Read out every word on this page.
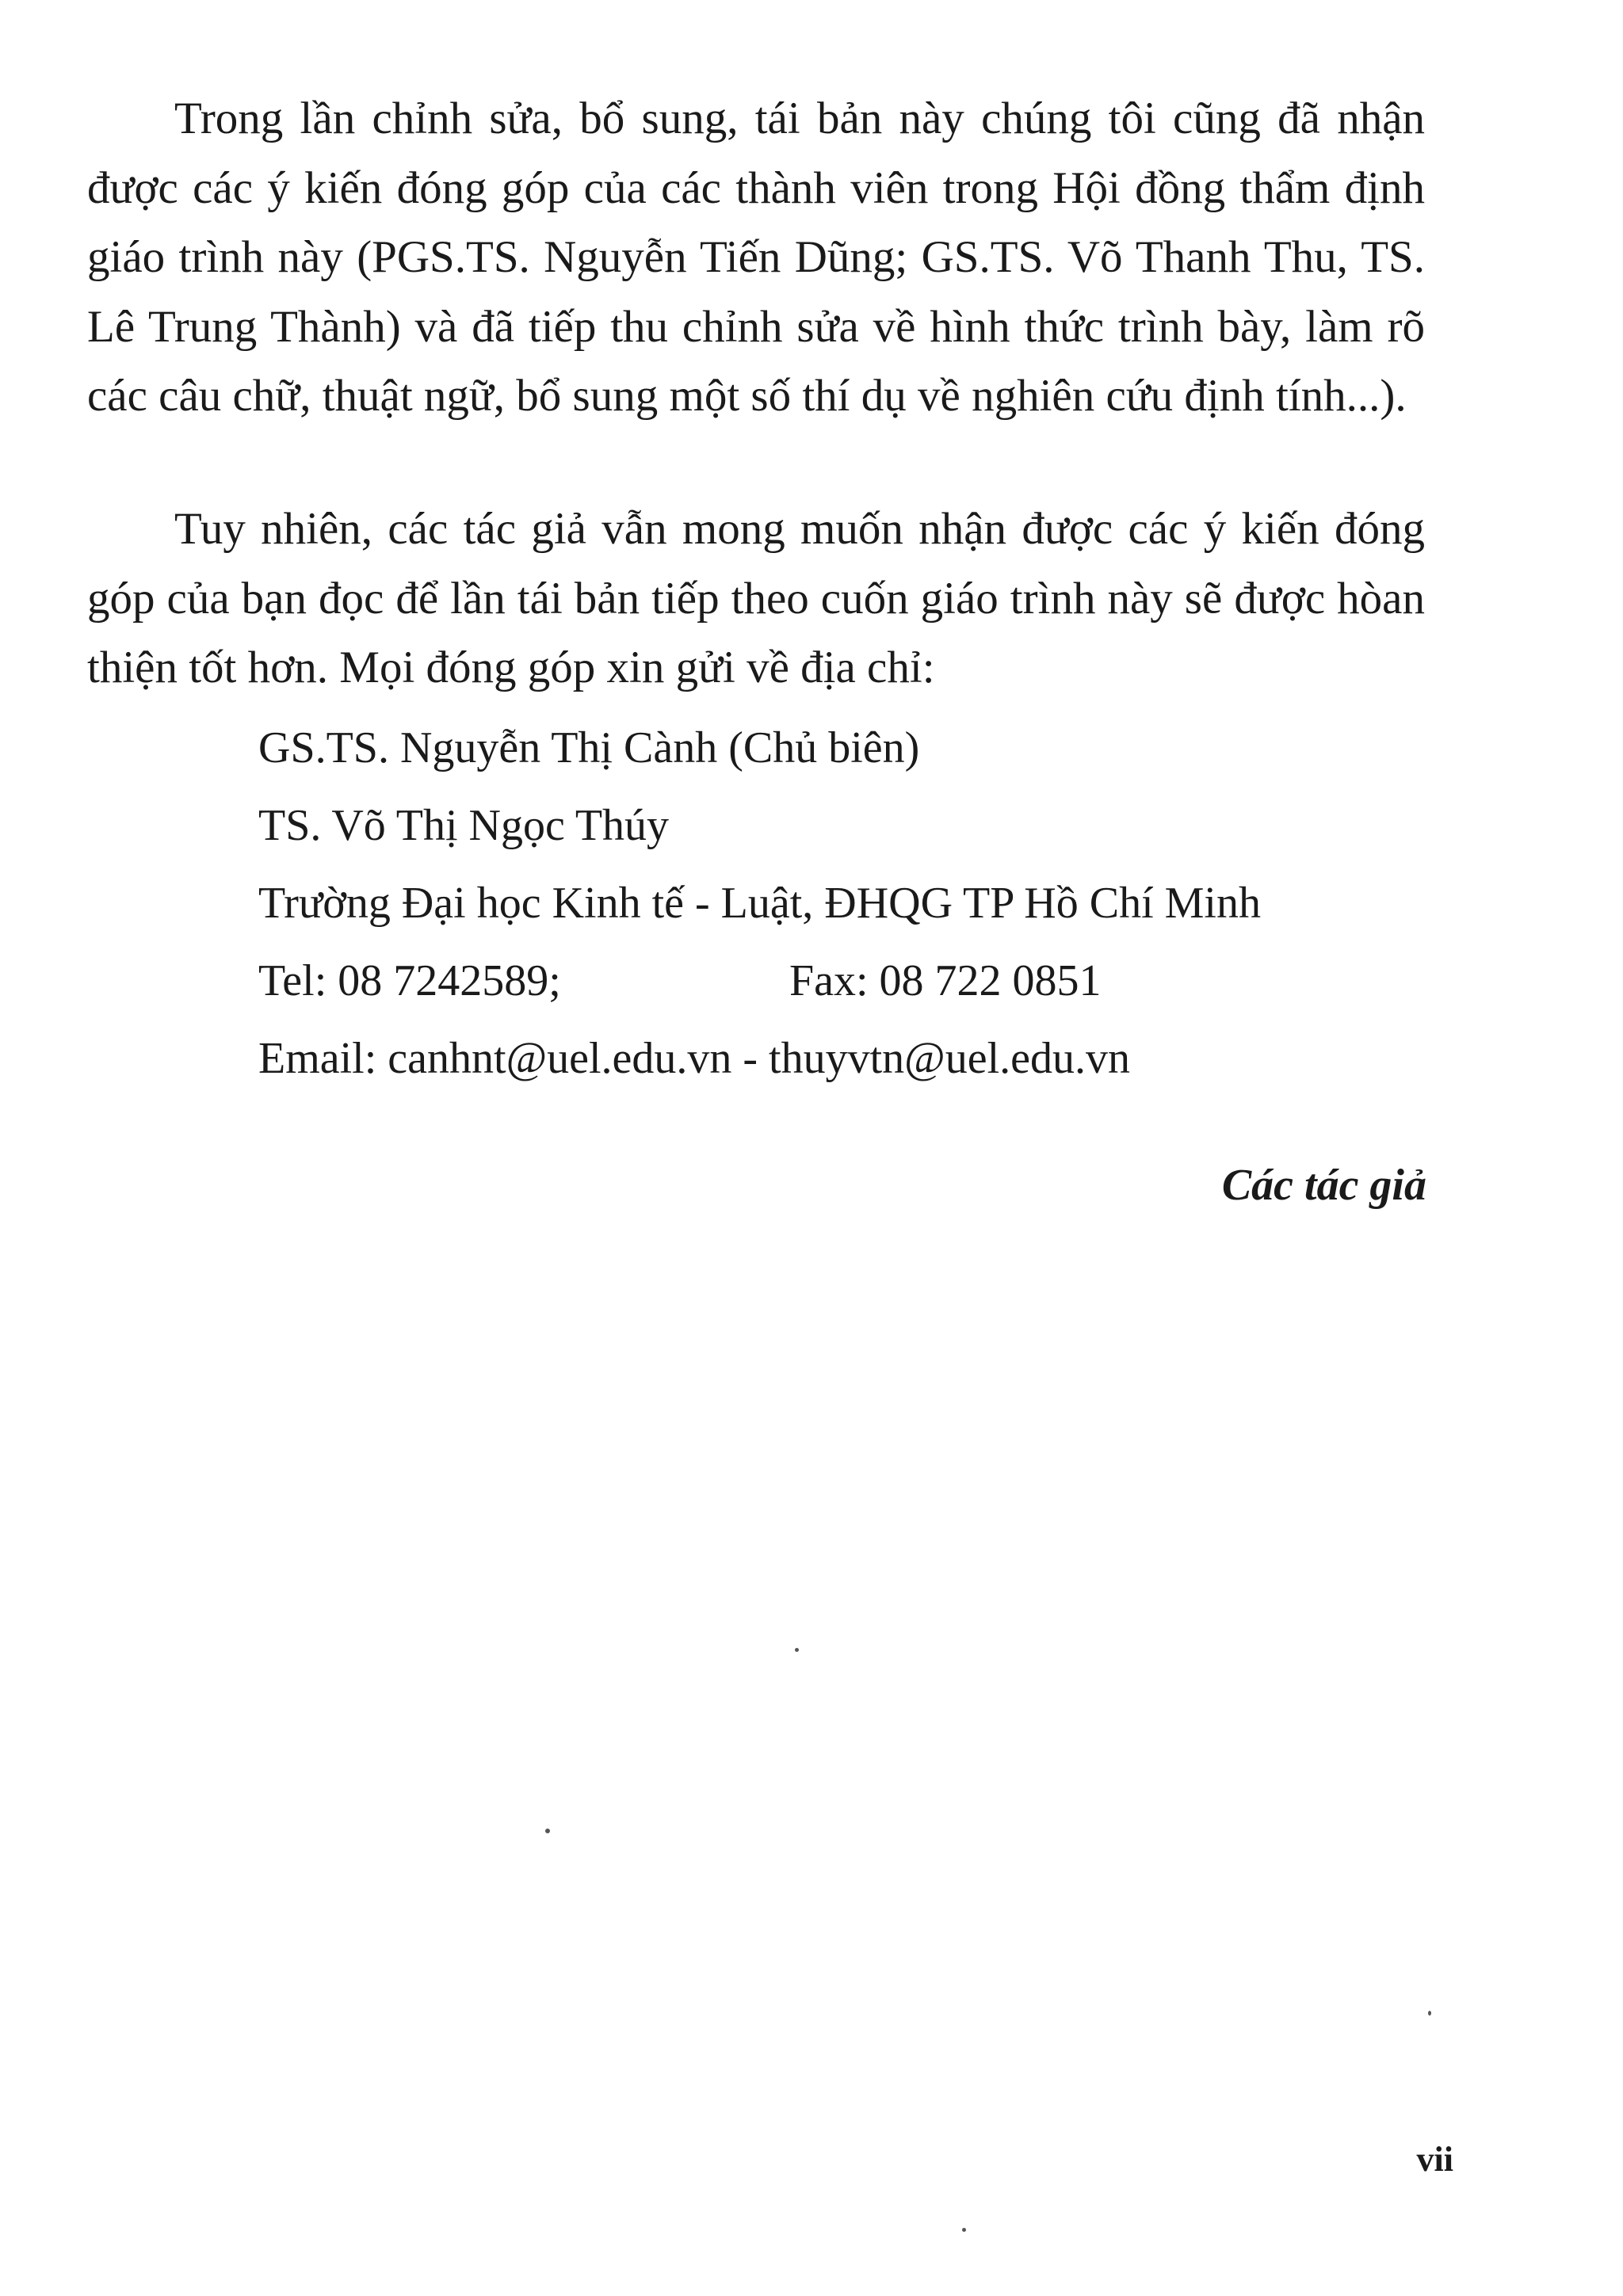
Trong lần chỉnh sửa, bổ sung, tái bản này chúng tôi cũng đã nhận được các ý kiến đóng góp của các thành viên trong Hội đồng thẩm định giáo trình này (PGS.TS. Nguyễn Tiến Dũng; GS.TS. Võ Thanh Thu, TS. Lê Trung Thành) và đã tiếp thu chỉnh sửa về hình thức trình bày, làm rõ các câu chữ, thuật ngữ, bổ sung một số thí dụ về nghiên cứu định tính...).

Tuy nhiên, các tác giả vẫn mong muốn nhận được các ý kiến đóng góp của bạn đọc để lần tái bản tiếp theo cuốn giáo trình này sẽ được hòan thiện tốt hơn. Mọi đóng góp xin gửi về địa chỉ:

GS.TS. Nguyễn Thị Cành (Chủ biên)

TS. Võ Thị Ngọc Thúy

Trường Đại học Kinh tế - Luật, ĐHQG TP Hồ Chí Minh

Tel: 08 7242589;	Fax: 08 722 0851

Email: canhnt@uel.edu.vn - thuyvtn@uel.edu.vn

Các tác giả

vii
